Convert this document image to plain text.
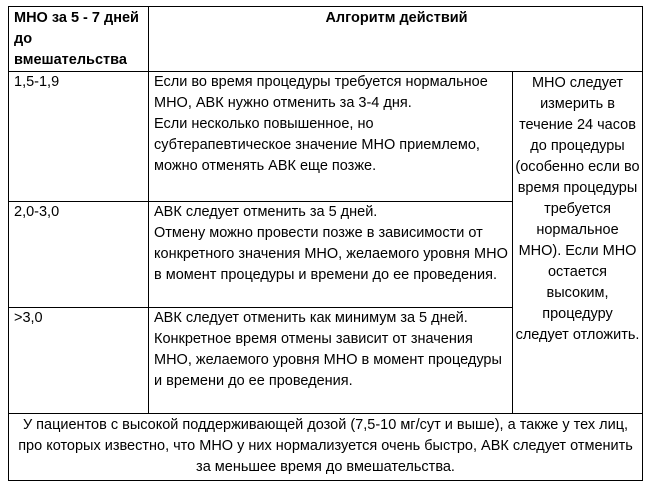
МНО за 5 - 7 дней до вмешательства	Алгоритм действий	
1,5-1,9	Если во время процедуры требуется нормальное МНО, АВК нужно отменить за 3-4 дня.
Если несколько повышенное, но субтерапевтическое значение МНО приемлемо, можно отменять АВК еще позже.	МНО следует измерить в течение 24 часов до процедуры (особенно если во время процедуры требуется нормальное МНО). Если МНО остается высоким, процедуру следует отложить.
2,0-3,0	АВК следует отменить за 5 дней.
Отмену можно провести позже в зависимости от конкретного значения МНО, желаемого уровня МНО в момент процедуры и времени до ее проведения.	

>3,0	АВК следует отменить как минимум за 5 дней.
Конкретное время отмены зависит от значения МНО, желаемого уровня МНО в момент процедуры и времени до ее проведения.	

У пациентов с высокой поддерживающей дозой (7,5-10 мг/сут и выше), а также у тех лиц, про которых известно, что МНО у них нормализуется очень быстро, АВК следует отменить за меньшее время до вмешательства.		
